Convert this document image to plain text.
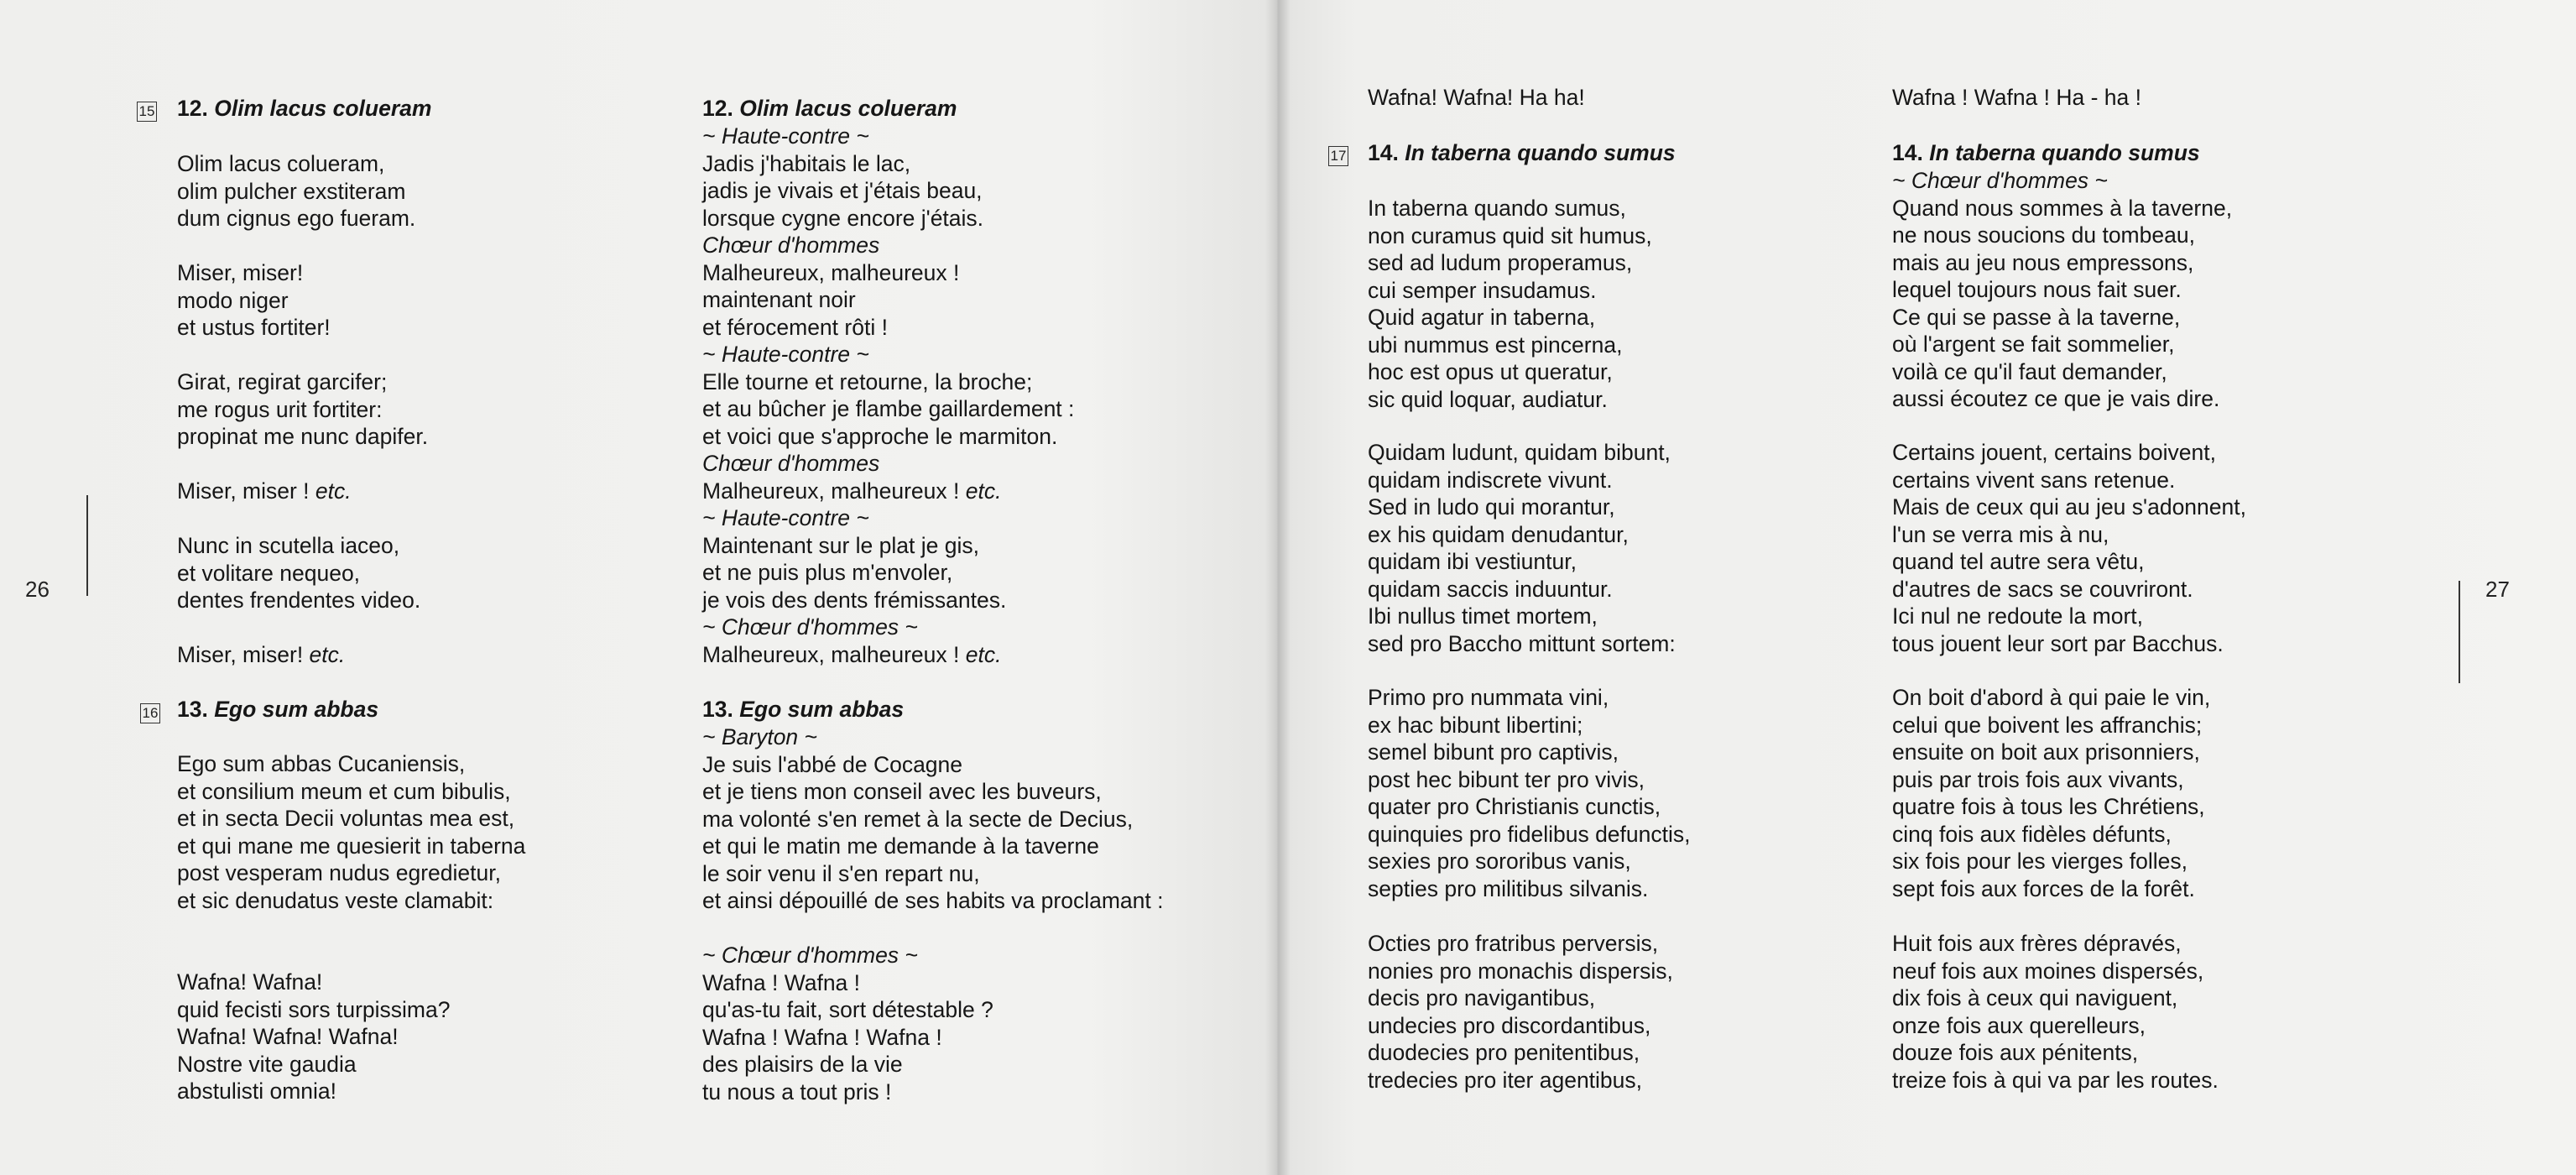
26
15 12. Olim lacus colueram
Olim lacus colueram,
olim pulcher exstiteram
dum cignus ego fueram.
Miser, miser!
modo niger
et ustus fortiter!
Girat, regirat garcifer;
me rogus urit fortiter:
propinat me nunc dapifer.
Miser, miser ! etc.
Nunc in scutella iaceo,
et volitare nequeo,
dentes frendentes video.
Miser, miser! etc.
16 13. Ego sum abbas
Ego sum abbas Cucaniensis,
et consilium meum et cum bibulis,
et in secta Decii voluntas mea est,
et qui mane me quesierit in taberna
post vesperam nudus egredietur,
et sic denudatus veste clamabit:
Wafna! Wafna!
quid fecisti sors turpissima?
Wafna! Wafna! Wafna!
Nostre vite gaudia
abstulisti omnia!
12. Olim lacus colueram
~ Haute-contre ~
Jadis j'habitais le lac,
jadis je vivais et j'étais beau,
lorsque cygne encore j'étais.
Chœur d'hommes
Malheureux, malheureux !
maintenant noir
et férocement rôti !
~ Haute-contre ~
Elle tourne et retourne, la broche;
et au bûcher je flambe gaillardement :
et voici que s'approche le marmiton.
Chœur d'hommes
Malheureux, malheureux ! etc.
~ Haute-contre ~
Maintenant sur le plat je gis,
et ne puis plus m'envoler,
je vois des dents frémissantes.
~ Chœur d'hommes ~
Malheureux, malheureux ! etc.
13. Ego sum abbas
~ Baryton ~
Je suis l'abbé de Cocagne
et je tiens mon conseil avec les buveurs,
ma volonté s'en remet à la secte de Decius,
et qui le matin me demande à la taverne
le soir venu il s'en repart nu,
et ainsi dépouillé de ses habits va proclamant :
~ Chœur d'hommes ~
Wafna ! Wafna !
qu'as-tu fait, sort détestable ?
Wafna ! Wafna ! Wafna !
des plaisirs de la vie
tu nous a tout pris !
27
Wafna! Wafna! Ha ha!
17 14. In taberna quando sumus
In taberna quando sumus,
non curamus quid sit humus,
sed ad ludum properamus,
cui semper insudamus.
Quid agatur in taberna,
ubi nummus est pincerna,
hoc est opus ut queratur,
sic quid loquar, audiatur.
Quidam ludunt, quidam bibunt,
quidam indiscrete vivunt.
Sed in ludo qui morantur,
ex his quidam denudantur,
quidam ibi vestiuntur,
quidam saccis induuntur.
Ibi nullus timet mortem,
sed pro Baccho mittunt sortem:
Primo pro nummata vini,
ex hac bibunt libertini;
semel bibunt pro captivis,
post hec bibunt ter pro vivis,
quater pro Christianis cunctis,
quinquies pro fidelibus defunctis,
sexies pro sororibus vanis,
septies pro militibus silvanis.
Octies pro fratribus perversis,
nonies pro monachis dispersis,
decis pro navigantibus,
undecies pro discordantibus,
duodecies pro penitentibus,
tredecies pro iter agentibus,
Wafna ! Wafna ! Ha - ha !
14. In taberna quando sumus
~ Chœur d'hommes ~
Quand nous sommes à la taverne,
ne nous soucions du tombeau,
mais au jeu nous empressons,
lequel toujours nous fait suer.
Ce qui se passe à la taverne,
où l'argent se fait sommelier,
voilà ce qu'il faut demander,
aussi écoutez ce que je vais dire.
Certains jouent, certains boivent,
certains vivent sans retenue.
Mais de ceux qui au jeu s'adonnent,
l'un se verra mis à nu,
quand tel autre sera vêtu,
d'autres de sacs se couvriront.
Ici nul ne redoute la mort,
tous jouent leur sort par Bacchus.
On boit d'abord à qui paie le vin,
celui que boivent les affranchis;
ensuite on boit aux prisonniers,
puis par trois fois aux vivants,
quatre fois à tous les Chrétiens,
cinq fois aux fidèles défunts,
six fois pour les vierges folles,
sept fois aux forces de la forêt.
Huit fois aux frères dépravés,
neuf fois aux moines dispersés,
dix fois à ceux qui naviguent,
onze fois aux querelleurs,
douze fois aux pénitents,
treize fois à qui va par les routes.
